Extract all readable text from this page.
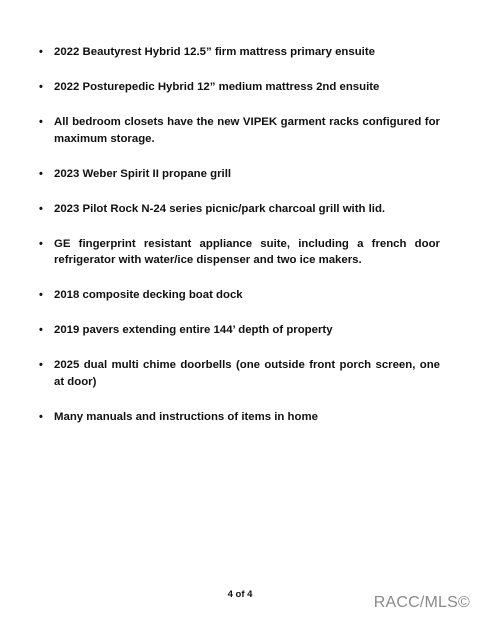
• 2022 Beautyrest Hybrid 12.5” firm mattress primary ensuite
• 2022 Posturepedic Hybrid 12” medium mattress 2nd ensuite
• All bedroom closets have the new VIPEK garment racks configured for maximum storage.
• 2023 Weber Spirit II propane grill
• 2023 Pilot Rock N-24 series picnic/park charcoal grill with lid.
• GE fingerprint resistant appliance suite, including a french door refrigerator with water/ice dispenser and two ice makers.
• 2018 composite decking boat dock
• 2019 pavers extending entire 144’ depth of property
• 2025 dual multi chime doorbells (one outside front porch screen, one at door)
• Many manuals and instructions of items in home
4 of 4	RACC/MLS©
